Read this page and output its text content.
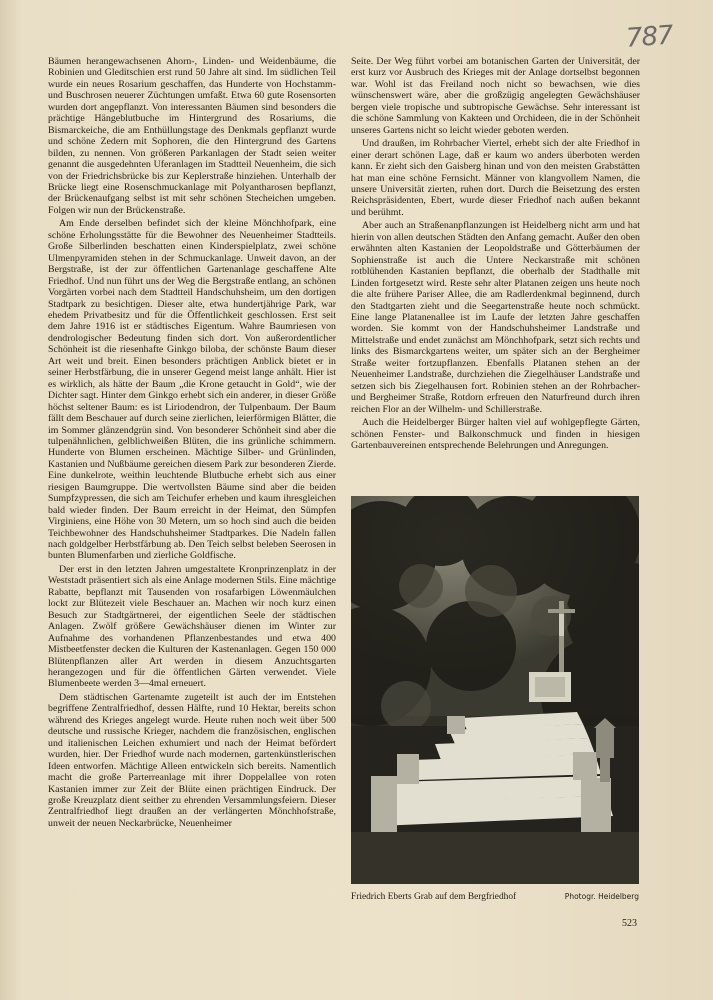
787

Bäumen herangewachsenen Ahorn-, Linden- und Weidenbäume, die Robinien und Gleditschien erst rund 50 Jahre alt sind. Im südlichen Teil wurde ein neues Rosarium geschaffen, das Hunderte von Hochstamm- und Buschrosen neuerer Züchtungen umfaßt. Etwa 60 gute Rosensorten wurden dort angepflanzt. Von interessanten Bäumen sind besonders die prächtige Hängeblutbuche im Hintergrund des Rosariums, die Bismarckeiche, die am Enthüllungstage des Denkmals gepflanzt wurde und schöne Zedern mit Sophoren, die den Hintergrund des Gartens bilden, zu nennen. Von größeren Parkanlagen der Stadt seien weiter genannt die ausgedehnten Uferanlagen im Stadtteil Neuenheim, die sich von der Friedrichsbrücke bis zur Keplerstraße hinziehen. Unterhalb der Brücke liegt eine Rosenschmuckanlage mit Polyantharosen bepflanzt, der Brückenaufgang selbst ist mit sehr schönen Stecheichen umgeben. Folgen wir nun der Brückenstraße.

Am Ende derselben befindet sich der kleine Mönchhofpark, eine schöne Erholungsstätte für die Bewohner des Neuenheimer Stadtteils. Große Silberlinden beschatten einen Kinderspielplatz, zwei schöne Ulmenpyramiden stehen in der Schmuckanlage. Unweit davon, an der Bergstraße, ist der zur öffentlichen Gartenanlage geschaffene Alte Friedhof. Und nun führt uns der Weg die Bergstraße entlang, an schönen Vorgärten vorbei nach dem Stadtteil Handschuhsheim, um den dortigen Stadtpark zu besichtigen. Dieser alte, etwa hundertjährige Park, war ehedem Privatbesitz und für die Öffentlichkeit geschlossen. Erst seit dem Jahre 1916 ist er städtisches Eigentum. Wahre Baumriesen von dendrologischer Bedeutung finden sich dort. Von außerordentlicher Schönheit ist die riesenhafte Ginkgo biloba, der schönste Baum dieser Art weit und breit. Einen besonders prächtigen Anblick bietet er in seiner Herbstfärbung, die in unserer Gegend meist lange anhält. Hier ist es wirklich, als hätte der Baum „die Krone getaucht in Gold“, wie der Dichter sagt. Hinter dem Ginkgo erhebt sich ein anderer, in dieser Größe höchst seltener Baum: es ist Liriodendron, der Tulpenbaum. Der Baum fällt dem Beschauer auf durch seine zierlichen, leierförmigen Blätter, die im Sommer glänzendgrün sind. Von besonderer Schönheit sind aber die tulpenähnlichen, gelblichweißen Blüten, die ins grünliche schimmern. Hunderte von Blumen erscheinen. Mächtige Silber- und Grünlinden, Kastanien und Nußbäume gereichen diesem Park zur besonderen Zierde. Eine dunkelrote, weithin leuchtende Blutbuche erhebt sich aus einer riesigen Baumgruppe. Die wertvollsten Bäume sind aber die beiden Sumpfzypressen, die sich am Teichufer erheben und kaum ihresgleichen bald wieder finden. Der Baum erreicht in der Heimat, den Sümpfen Virginiens, eine Höhe von 30 Metern, um so hoch sind auch die beiden Teichbewohner des Handschuhsheimer Stadtparkes. Die Nadeln fallen nach goldgelber Herbstfärbung ab. Den Teich selbst beleben Seerosen in bunten Blumenfarben und zierliche Goldfische.

Der erst in den letzten Jahren umgestaltete Kronprinzenplatz in der Weststadt präsentiert sich als eine Anlage modernen Stils. Eine mächtige Rabatte, bepflanzt mit Tausenden von rosafarbigen Löwenmäulchen lockt zur Blütezeit viele Beschauer an. Machen wir noch kurz einen Besuch zur Stadtgärtnerei, der eigentlichen Seele der städtischen Anlagen. Zwölf größere Gewächshäuser dienen im Winter zur Aufnahme des vorhandenen Pflanzenbestandes und etwa 400 Mistbeetfenster decken die Kulturen der Kastenanlagen. Gegen 150 000 Blütenpflanzen aller Art werden in diesem Anzuchtsgarten herangezogen und für die öffentlichen Gärten verwendet. Viele Blumenbeete werden 3—4mal erneuert.

Dem städtischen Gartenamte zugeteilt ist auch der im Entstehen begriffene Zentralfriedhof, dessen Hälfte, rund 10 Hektar, bereits schon während des Krieges angelegt wurde. Heute ruhen noch weit über 500 deutsche und russische Krieger, nachdem die französischen, englischen und italienischen Leichen exhumiert und nach der Heimat befördert wurden, hier. Der Friedhof wurde nach modernen, gartenkünstlerischen Ideen entworfen. Mächtige Alleen entwickeln sich bereits. Namentlich macht die große Parterreanlage mit ihrer Doppelallee von roten Kastanien immer zur Zeit der Blüte einen prächtigen Eindruck. Der große Kreuzplatz dient seither zu ehrenden Versammlungsfeiern. Dieser Zentralfriedhof liegt draußen an der verlängerten Mönchhofstraße, unweit der neuen Neckarbrücke, Neuenheimer

Seite. Der Weg führt vorbei am botanischen Garten der Universität, der erst kurz vor Ausbruch des Krieges mit der Anlage dortselbst begonnen war. Wohl ist das Freiland noch nicht so bewachsen, wie dies wünschenswert wäre, aber die großzügig angelegten Gewächshäuser bergen viele tropische und subtropische Gewächse. Sehr interessant ist die schöne Sammlung von Kakteen und Orchideen, die in der Schönheit unseres Gartens nicht so leicht wieder geboten werden.

Und draußen, im Rohrbacher Viertel, erhebt sich der alte Friedhof in einer derart schönen Lage, daß er kaum wo anders überboten werden kann. Er zieht sich den Gaisberg hinan und von den meisten Grabstätten hat man eine schöne Fernsicht. Männer von klangvollem Namen, die unsere Universität zierten, ruhen dort. Durch die Beisetzung des ersten Reichspräsidenten, Ebert, wurde dieser Friedhof nach außen bekannt und berühmt.

Aber auch an Straßenanpflanzungen ist Heidelberg nicht arm und hat hierin von allen deutschen Städten den Anfang gemacht. Außer den oben erwähnten alten Kastanien der Leopoldstraße und Götterbäumen der Sophienstraße ist auch die Untere Neckarstraße mit schönen rotblühenden Kastanien bepflanzt, die oberhalb der Stadthalle mit Linden fortgesetzt wird. Reste sehr alter Platanen zeigen uns heute noch die alte frühere Pariser Allee, die am Radlerdenkmal beginnend, durch den Stadtgarten zieht und die Seegartenstraße heute noch schmückt. Eine lange Platanenallee ist im Laufe der letzten Jahre geschaffen worden. Sie kommt von der Handschuhsheimer Landstraße und Mittelstraße und endet zunächst am Mönchhofpark, setzt sich rechts und links des Bismarckgartens weiter, um später sich an der Bergheimer Straße weiter fortzupflanzen. Ebenfalls Platanen stehen an der Neuenheimer Landstraße, durchziehen die Ziegelhäuser Landstraße und setzen sich bis Ziegelhausen fort. Robinien stehen an der Rohrbacher- und Bergheimer Straße, Rotdorn erfreuen den Naturfreund durch ihren reichen Flor an der Wilhelm- und Schillerstraße.

Auch die Heidelberger Bürger halten viel auf wohlgepflegte Gärten, schönen Fenster- und Balkonschmuck und finden in hiesigen Gartenbauvereinen entsprechende Belehrungen und Anregungen.

Friedrich Eberts Grab auf dem Bergfriedhof	Photogr. Heidelberg
523
